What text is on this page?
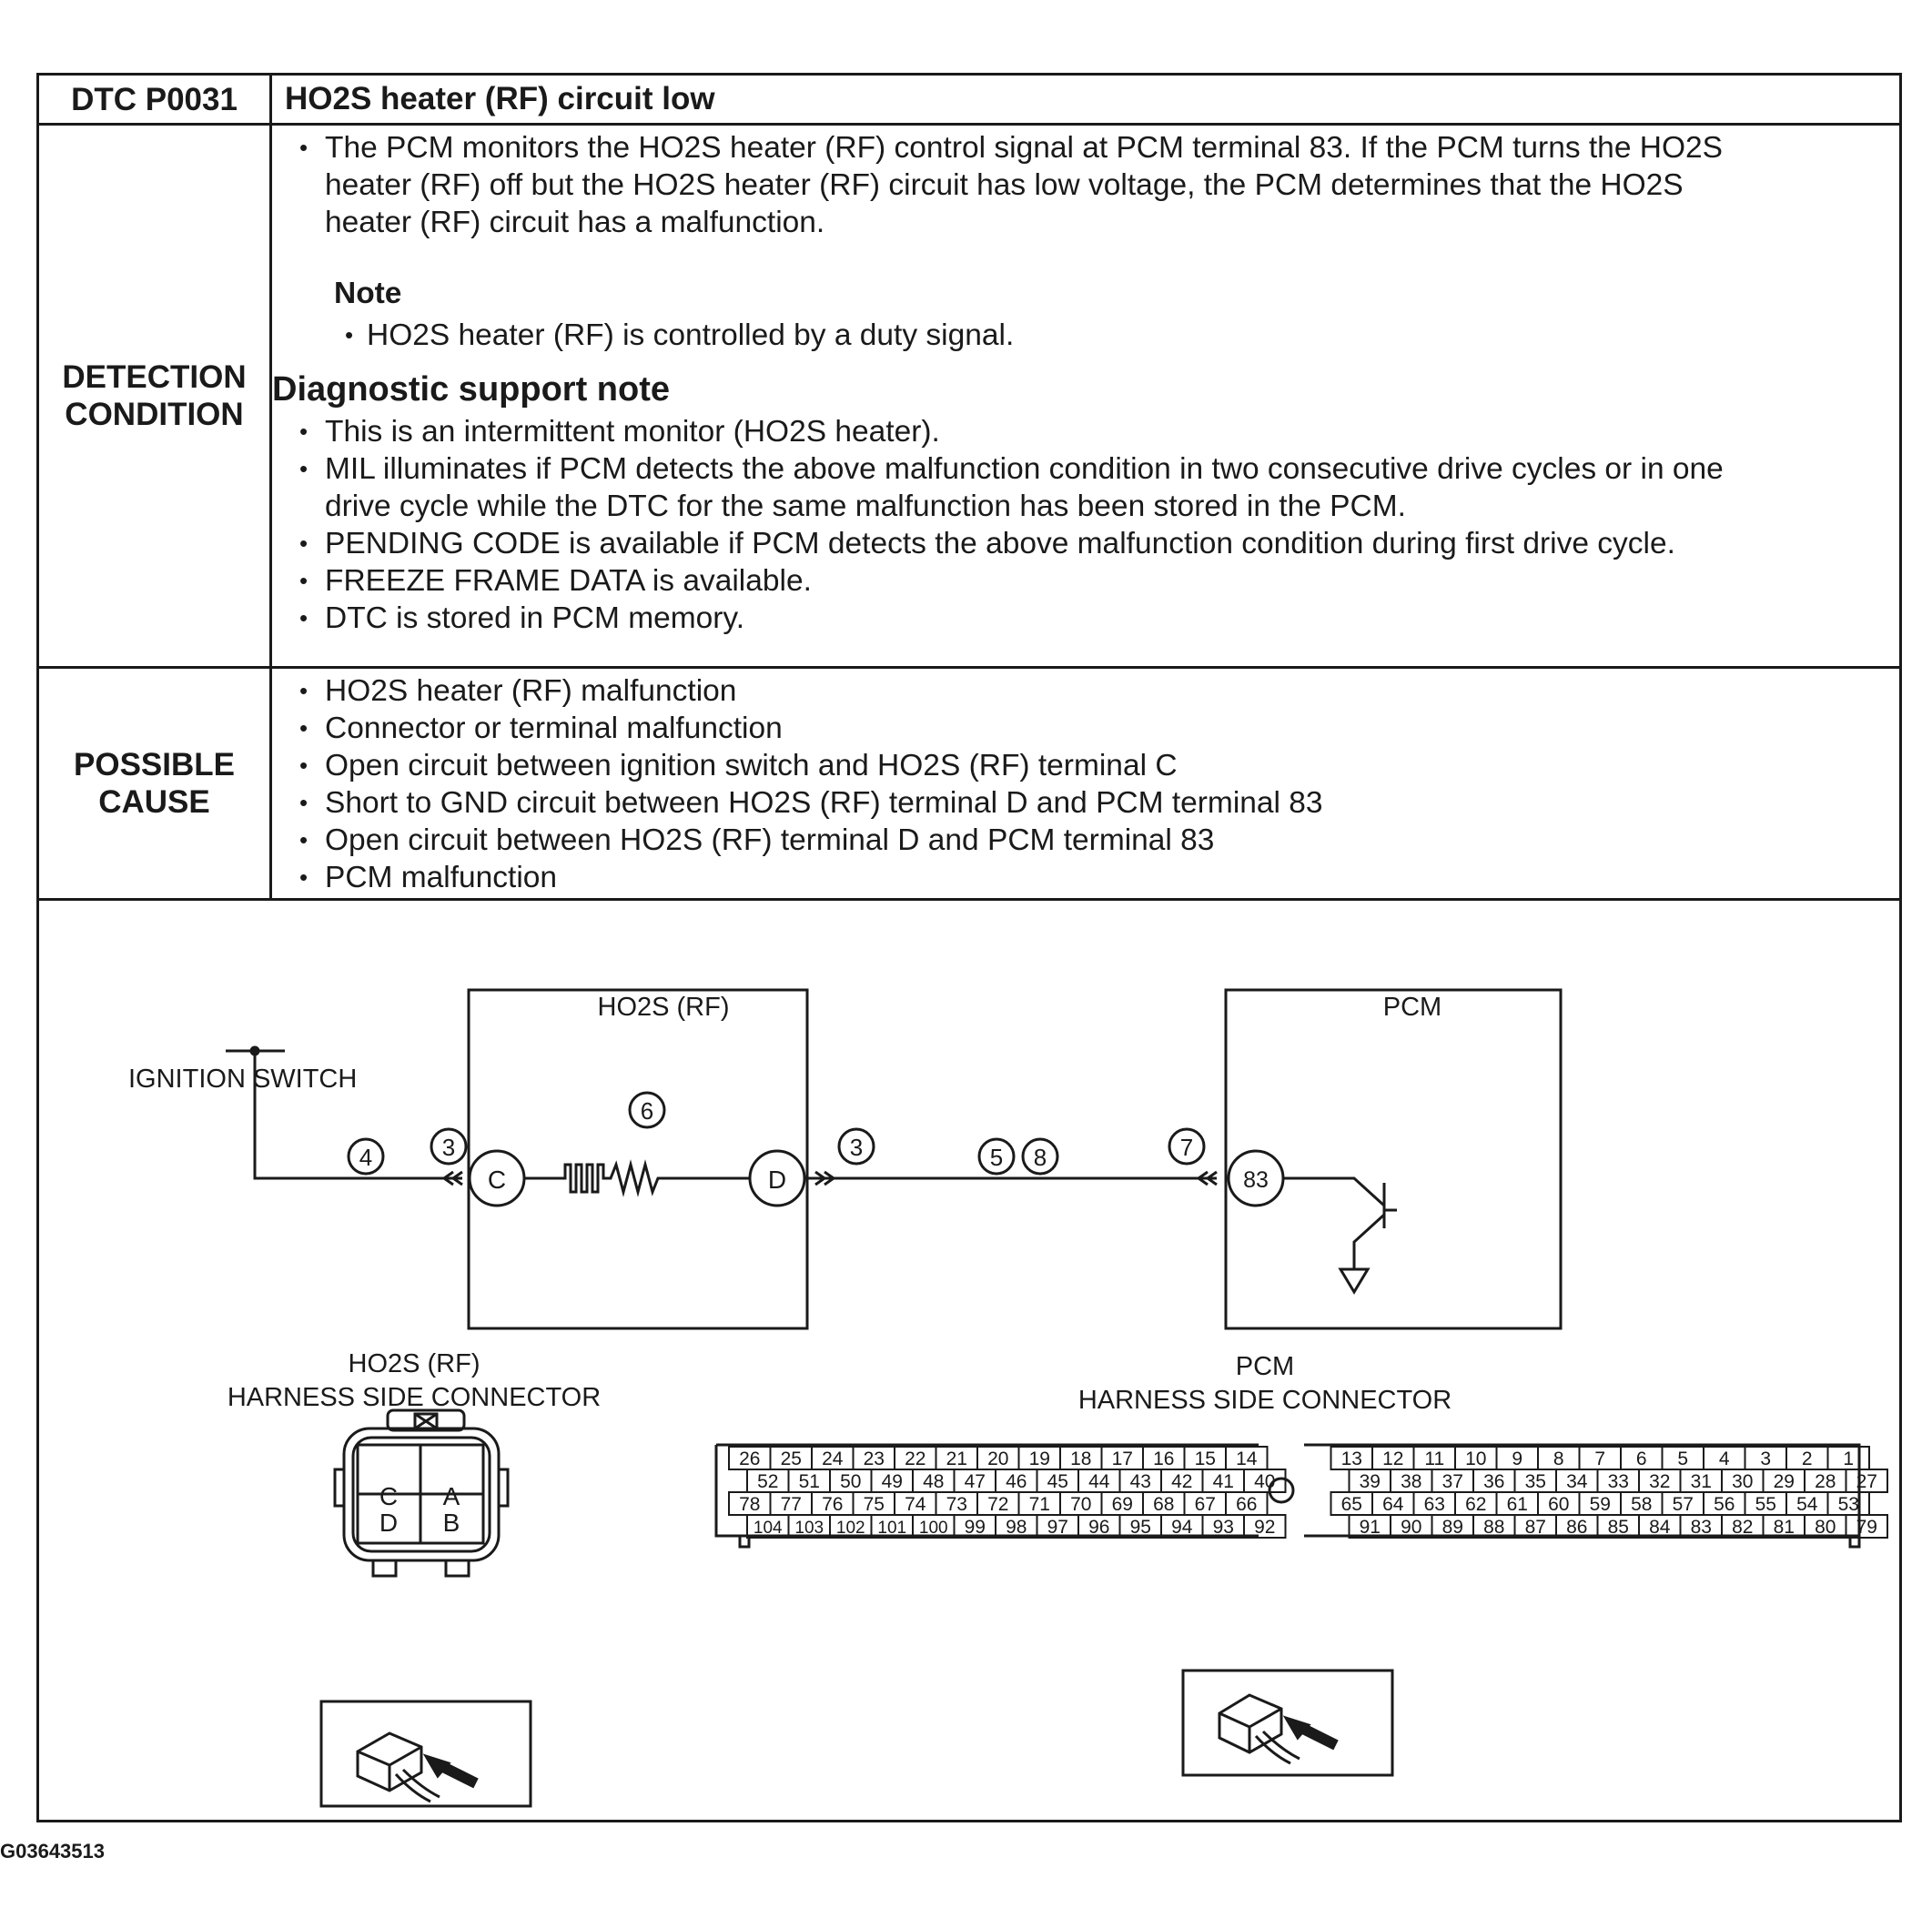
DTC P0031	HO2S heater (RF) circuit low
DETECTION
CONDITION
• The PCM monitors the HO2S heater (RF) control signal at PCM terminal 83. If the PCM turns the HO2S
heater (RF) off but the HO2S heater (RF) circuit has low voltage, the PCM determines that the HO2S
heater (RF) circuit has a malfunction.
Note
• HO2S heater (RF) is controlled by a duty signal.
Diagnostic support note
• This is an intermittent monitor (HO2S heater).
• MIL illuminates if PCM detects the above malfunction condition in two consecutive drive cycles or in one
drive cycle while the DTC for the same malfunction has been stored in the PCM.
• PENDING CODE is available if PCM detects the above malfunction condition during first drive cycle.
• FREEZE FRAME DATA is available.
• DTC is stored in PCM memory.
POSSIBLE
CAUSE
• HO2S heater (RF) malfunction
• Connector or terminal malfunction
• Open circuit between ignition switch and HO2S (RF) terminal C
• Short to GND circuit between HO2S (RF) terminal D and PCM terminal 83
• Open circuit between HO2S (RF) terminal D and PCM terminal 83
• PCM malfunction
HO2S (RF)	PCM
IGNITION SWITCH
C	D	83
4	3
6
3	5 8	7
HO2S (RF)
HARNESS SIDE CONNECTOR
PCM
HARNESS SIDE CONNECTOR
C A
D B
26 25 24 23 22 21 20 19 18 17 16 15 14	13 12 11 10 9 8 7 6 5 4 3 2 1
52 51 50 49 48 47 46 45 44 43 42 41 40	39 38 37 36 35 34 33 32 31 30 29 28 27
78 77 76 75 74 73 72 71 70 69 68 67 66	65 64 63 62 61 60 59 58 57 56 55 54 53
104 103 102 101 100 99 98 97 96 95 94 93 92	91 90 89 88 87 86 85 84 83 82 81 80 79
G03643513
